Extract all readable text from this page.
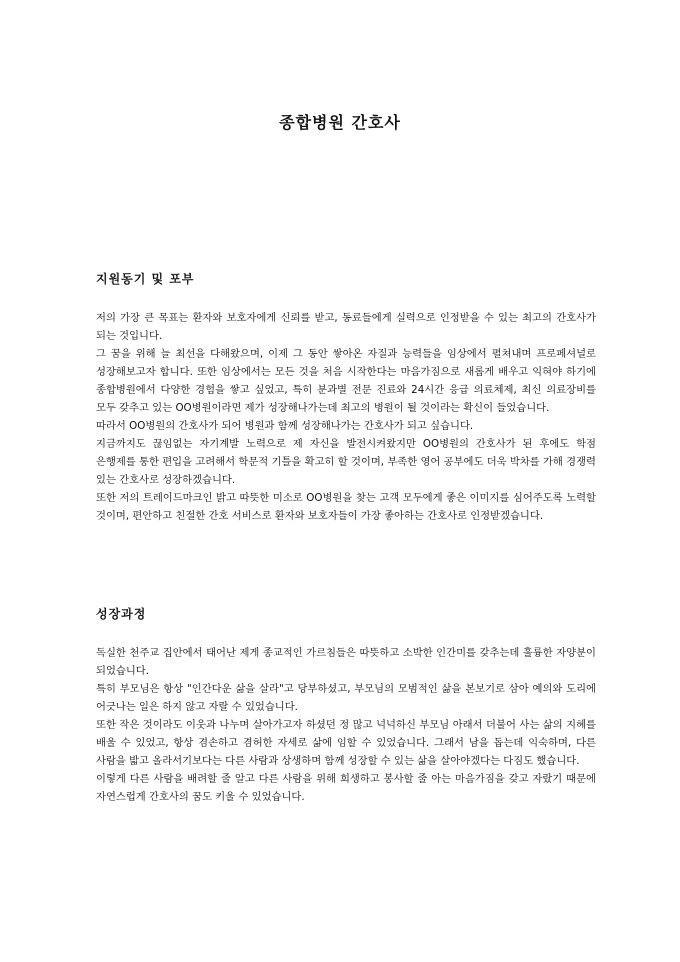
종합병원 간호사
지원동기 및 포부

저의 가장 큰 목표는 환자와 보호자에게 신뢰를 받고, 동료들에게 실력으로 인정받을 수 있는 최고의 간호사가 되는 것입니다.

그 꿈을 위해 늘 최선을 다해왔으며, 이제 그 동안 쌓아온 자질과 능력들을 임상에서 펼쳐내며 프로페셔널로 성장해보고자 합니다. 또한 임상에서는 모든 것을 처음 시작한다는 마음가짐으로 새롭게 배우고 익혀야 하기에 종합병원에서 다양한 경험을 쌓고 싶었고, 특히 분과별 전문 진료와 24시간 응급 의료체제, 최신 의료장비를 모두 갖추고 있는 OO병원이라면 제가 성장해나가는데 최고의 병원이 될 것이라는 확신이 들었습니다.

따라서 OO병원의 간호사가 되어 병원과 함께 성장해나가는 간호사가 되고 싶습니다.

지금까지도 끊임없는 자기계발 노력으로 제 자신을 발전시켜왔지만 OO병원의 간호사가 된 후에도 학점 은행제를 통한 편입을 고려해서 학문적 기틀을 확고히 할 것이며, 부족한 영어 공부에도 더욱 박차를 가해 경쟁력 있는 간호사로 성장하겠습니다.

또한 저의 트레이드마크인 밝고 따뜻한 미소로 OO병원을 찾는 고객 모두에게 좋은 이미지를 심어주도록 노력할 것이며, 편안하고 친절한 간호 서비스로 환자와 보호자들이 가장 좋아하는 간호사로 인정받겠습니다.

성장과정

독실한 천주교 집안에서 태어난 제게 종교적인 가르침들은 따뜻하고 소박한 인간미를 갖추는데 훌륭한 자양분이 되었습니다.

특히 부모님은 항상 "인간다운 삶을 살라"고 당부하셨고, 부모님의 모범적인 삶을 본보기로 삼아 예의와 도리에 어긋나는 일은 하지 않고 자랄 수 있었습니다.

또한 작은 것이라도 이웃과 나누며 살아가고자 하셨던 정 많고 넉넉하신 부모님 아래서 더불어 사는 삶의 지혜를 배울 수 있었고, 항상 겸손하고 겸허한 자세로 삶에 임할 수 있었습니다. 그래서 남을 돕는데 익숙하며, 다른 사람을 밟고 올라서기보다는 다른 사람과 상생하며 함께 성장할 수 있는 삶을 살아야겠다는 다짐도 했습니다.

이렇게 다른 사람을 배려할 줄 알고 다른 사람을 위해 희생하고 봉사할 줄 아는 마음가짐을 갖고 자랐기 때문에 자연스럽게 간호사의 꿈도 키울 수 있었습니다.
